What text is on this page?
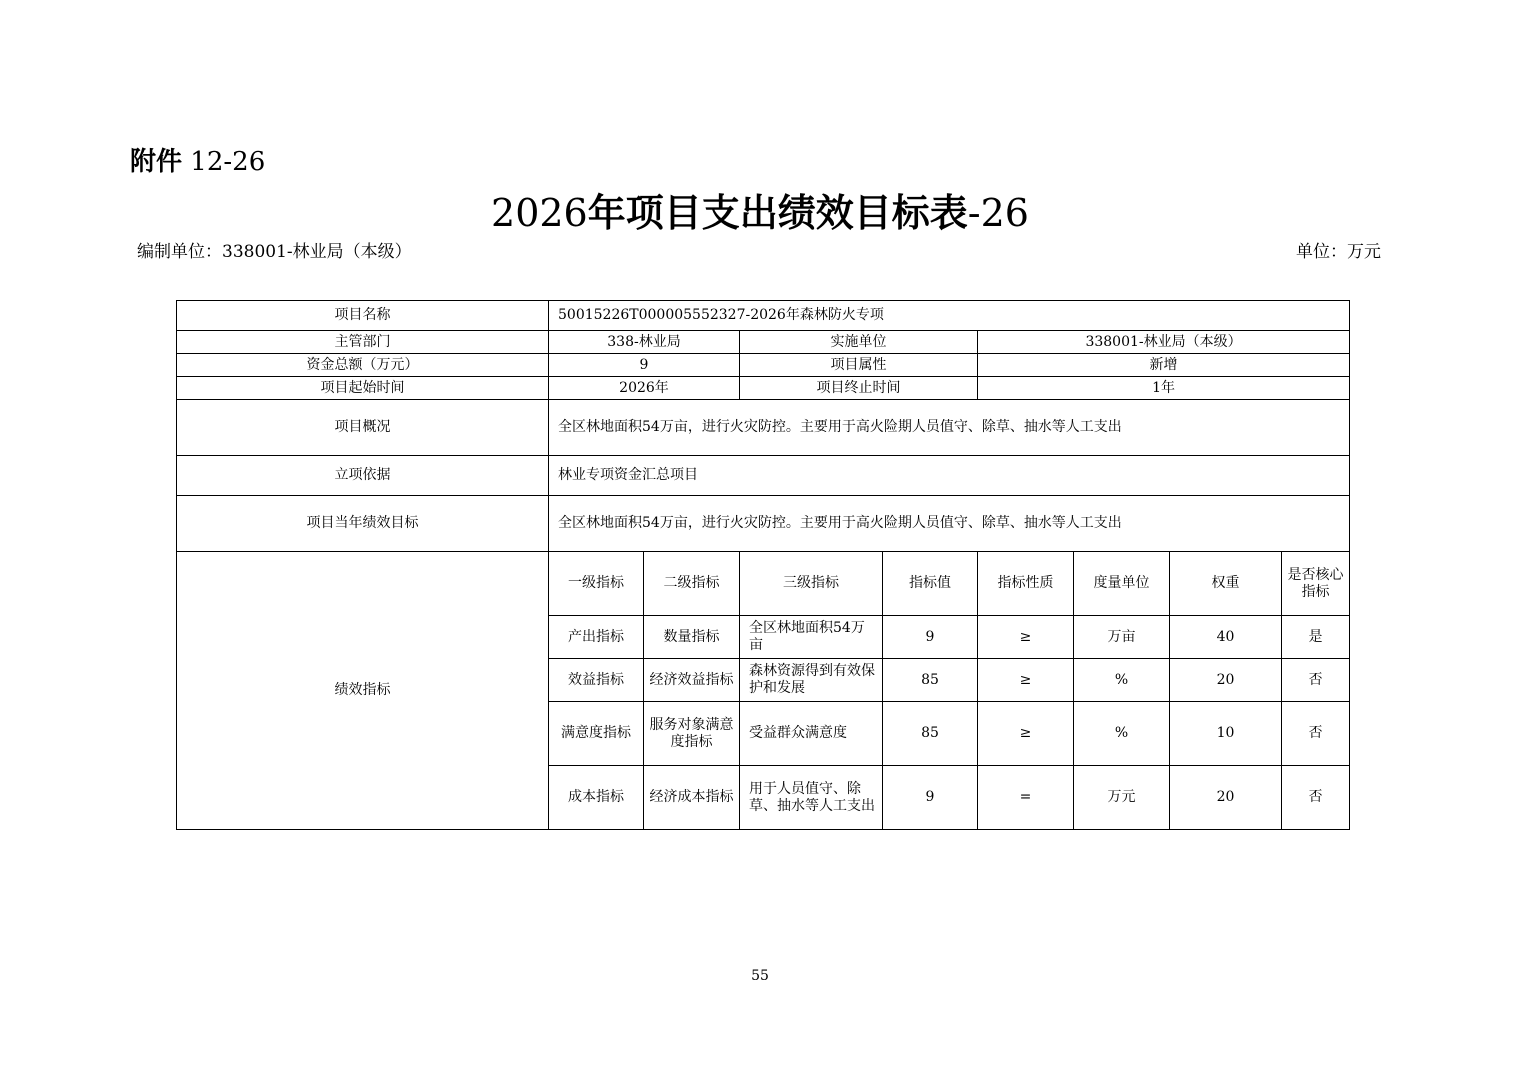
附件 12-26
2026年项目支出绩效目标表-26
编制单位：338001-林业局（本级）	单位：万元
项目名称	50015226T000005552327-2026年森林防火专项							
主管部门	338-林业局		实施单位		338001-林业局（本级）			
资金总额（万元）	9		项目属性		新增			
项目起始时间	2026年		项目终止时间		1年			
项目概况	全区林地面积54万亩，进行火灾防控。主要用于高火险期人员值守、除草、抽水等人工支出							
立项依据	林业专项资金汇总项目							
项目当年绩效目标	全区林地面积54万亩，进行火灾防控。主要用于高火险期人员值守、除草、抽水等人工支出							
绩效指标	一级指标	二级指标	三级指标	指标值	指标性质	度量单位	权重	是否核心指标
	产出指标	数量指标	全区林地面积54万亩	9	≥	万亩	40	是
	效益指标	经济效益指标	森林资源得到有效保护和发展	85	≥	%	20	否
	满意度指标	服务对象满意度指标	受益群众满意度	85	≥	%	10	否
	成本指标	经济成本指标	用于人员值守、除草、抽水等人工支出	9	=	万元	20	否
55
